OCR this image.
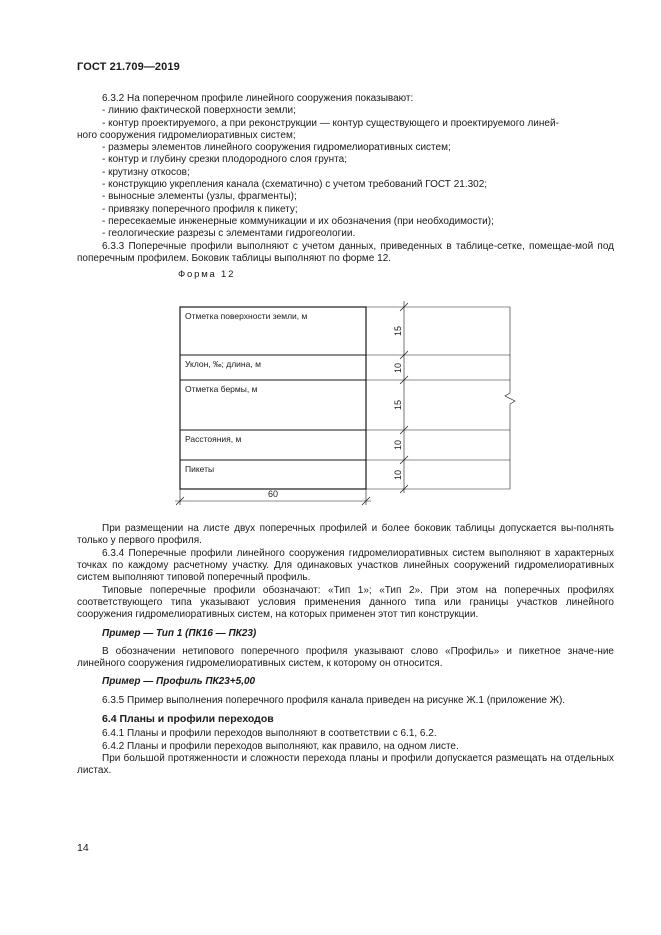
ГОСТ 21.709—2019

6.3.2 На поперечном профиле линейного сооружения показывают:

- линию фактической поверхности земли;

- контур проектируемого, а при реконструкции — контур существующего и проектируемого линей-

ного сооружения гидромелиоративных систем;

- размеры элементов линейного сооружения гидромелиоративных систем;

- контур и глубину срезки плодородного слоя грунта;

- крутизну откосов;

- конструкцию укрепления канала (схематично) с учетом требований ГОСТ 21.302;

- выносные элементы (узлы, фрагменты);

- привязку поперечного профиля к пикету;

- пересекаемые инженерные коммуникации и их обозначения (при необходимости);

- геологические разрезы с элементами гидрогеологии.

6.3.3 Поперечные профили выполняют с учетом данных, приведенных в таблице-сетке, помещае-мой под поперечным профилем. Боковик таблицы выполняют по форме 12.

Форма 12
Отметка поверхности земли, м
Уклон, ‰; длина, м
Отметка бермы, м
Расстояния, м
Пикеты
15
10
15
10
10
60

При размещении на листе двух поперечных профилей и более боковик таблицы допускается вы-полнять только у первого профиля.

6.3.4 Поперечные профили линейного сооружения гидромелиоративных систем выполняют в характерных точках по каждому расчетному участку. Для одинаковых участков линейных сооружений гидромелиоративных систем выполняют типовой поперечный профиль.

Типовые поперечные профили обозначают: «Тип 1»; «Тип 2». При этом на поперечных профилях соответствующего типа указывают условия применения данного типа или границы участков линейного сооружения гидромелиоративных систем, на которых применен этот тип конструкции.

Пример — Тип 1 (ПК16 — ПК23)

В обозначении нетипового поперечного профиля указывают слово «Профиль» и пикетное значе-ние линейного сооружения гидромелиоративных систем, к которому он относится.

Пример — Профиль ПК23+5,00

6.3.5 Пример выполнения поперечного профиля канала приведен на рисунке Ж.1 (приложение Ж).

6.4 Планы и профили переходов

6.4.1 Планы и профили переходов выполняют в соответствии с 6.1, 6.2.

6.4.2 Планы и профили переходов выполняют, как правило, на одном листе.

При большой протяженности и сложности перехода планы и профили допускается размещать на отдельных листах.

14
